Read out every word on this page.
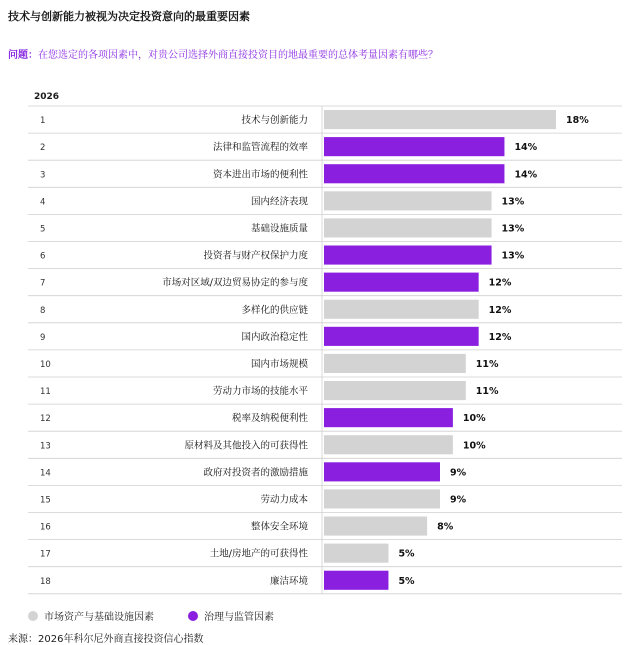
技术与创新能力被视为决定投资意向的最重要因素
问题：在您选定的各项因素中，对贵公司选择外商直接投资目的地最重要的总体考量因素有哪些？
2026
1	技术与创新能力	18%
2	法律和监管流程的效率	14%
3	资本进出市场的便利性	14%
4	国内经济表现	13%
5	基础设施质量	13%
6	投资者与财产权保护力度	13%
7	市场对区域/双边贸易协定的参与度	12%
8	多样化的供应链	12%
9	国内政治稳定性	12%
10	国内市场规模	11%
11	劳动力市场的技能水平	11%
12	税率及纳税便利性	10%
13	原材料及其他投入的可获得性	10%
14	政府对投资者的激励措施	9%
15	劳动力成本	9%
16	整体安全环境	8%
17	土地/房地产的可获得性	5%
18	廉洁环境	5%
市场资产与基础设施因素	治理与监管因素
来源：2026年科尔尼外商直接投资信心指数
